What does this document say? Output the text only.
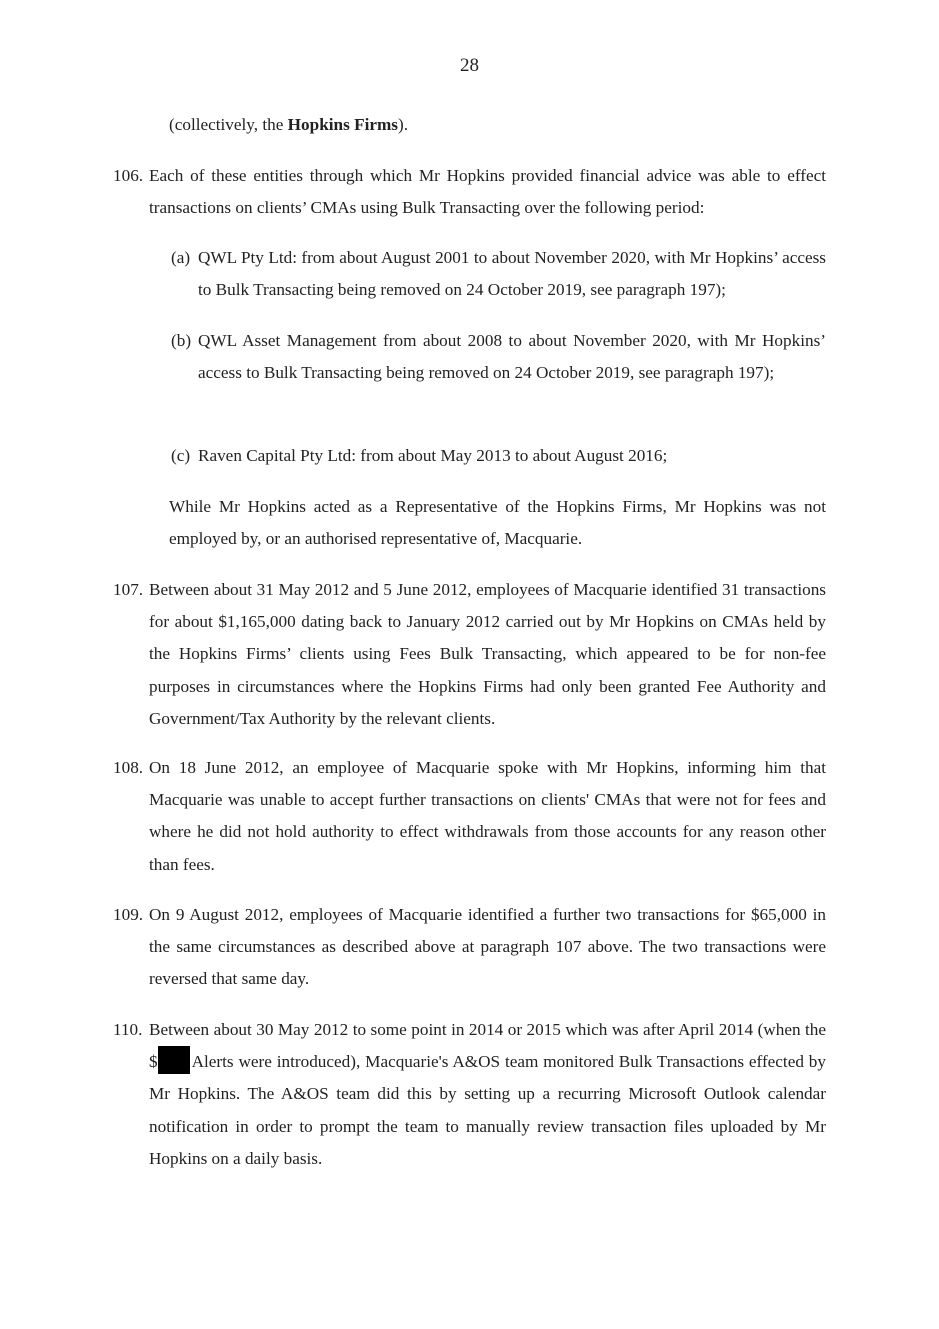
28
(collectively, the Hopkins Firms).
106. Each of these entities through which Mr Hopkins provided financial advice was able to effect transactions on clients’ CMAs using Bulk Transacting over the following period:
(a) QWL Pty Ltd: from about August 2001 to about November 2020, with Mr Hopkins’ access to Bulk Transacting being removed on 24 October 2019, see paragraph 197);
(b) QWL Asset Management from about 2008 to about November 2020, with Mr Hopkins’ access to Bulk Transacting being removed on 24 October 2019, see paragraph 197);
(c) Raven Capital Pty Ltd: from about May 2013 to about August 2016;
While Mr Hopkins acted as a Representative of the Hopkins Firms, Mr Hopkins was not employed by, or an authorised representative of, Macquarie.
107. Between about 31 May 2012 and 5 June 2012, employees of Macquarie identified 31 transactions for about $1,165,000 dating back to January 2012 carried out by Mr Hopkins on CMAs held by the Hopkins Firms’ clients using Fees Bulk Transacting, which appeared to be for non-fee purposes in circumstances where the Hopkins Firms had only been granted Fee Authority and Government/Tax Authority by the relevant clients.
108. On 18 June 2012, an employee of Macquarie spoke with Mr Hopkins, informing him that Macquarie was unable to accept further transactions on clients' CMAs that were not for fees and where he did not hold authority to effect withdrawals from those accounts for any reason other than fees.
109. On 9 August 2012, employees of Macquarie identified a further two transactions for $65,000 in the same circumstances as described above at paragraph 107 above. The two transactions were reversed that same day.
110. Between about 30 May 2012 to some point in 2014 or 2015 which was after April 2014 (when the $ Alerts were introduced), Macquarie's A&OS team monitored Bulk Transactions effected by Mr Hopkins. The A&OS team did this by setting up a recurring Microsoft Outlook calendar notification in order to prompt the team to manually review transaction files uploaded by Mr Hopkins on a daily basis.
